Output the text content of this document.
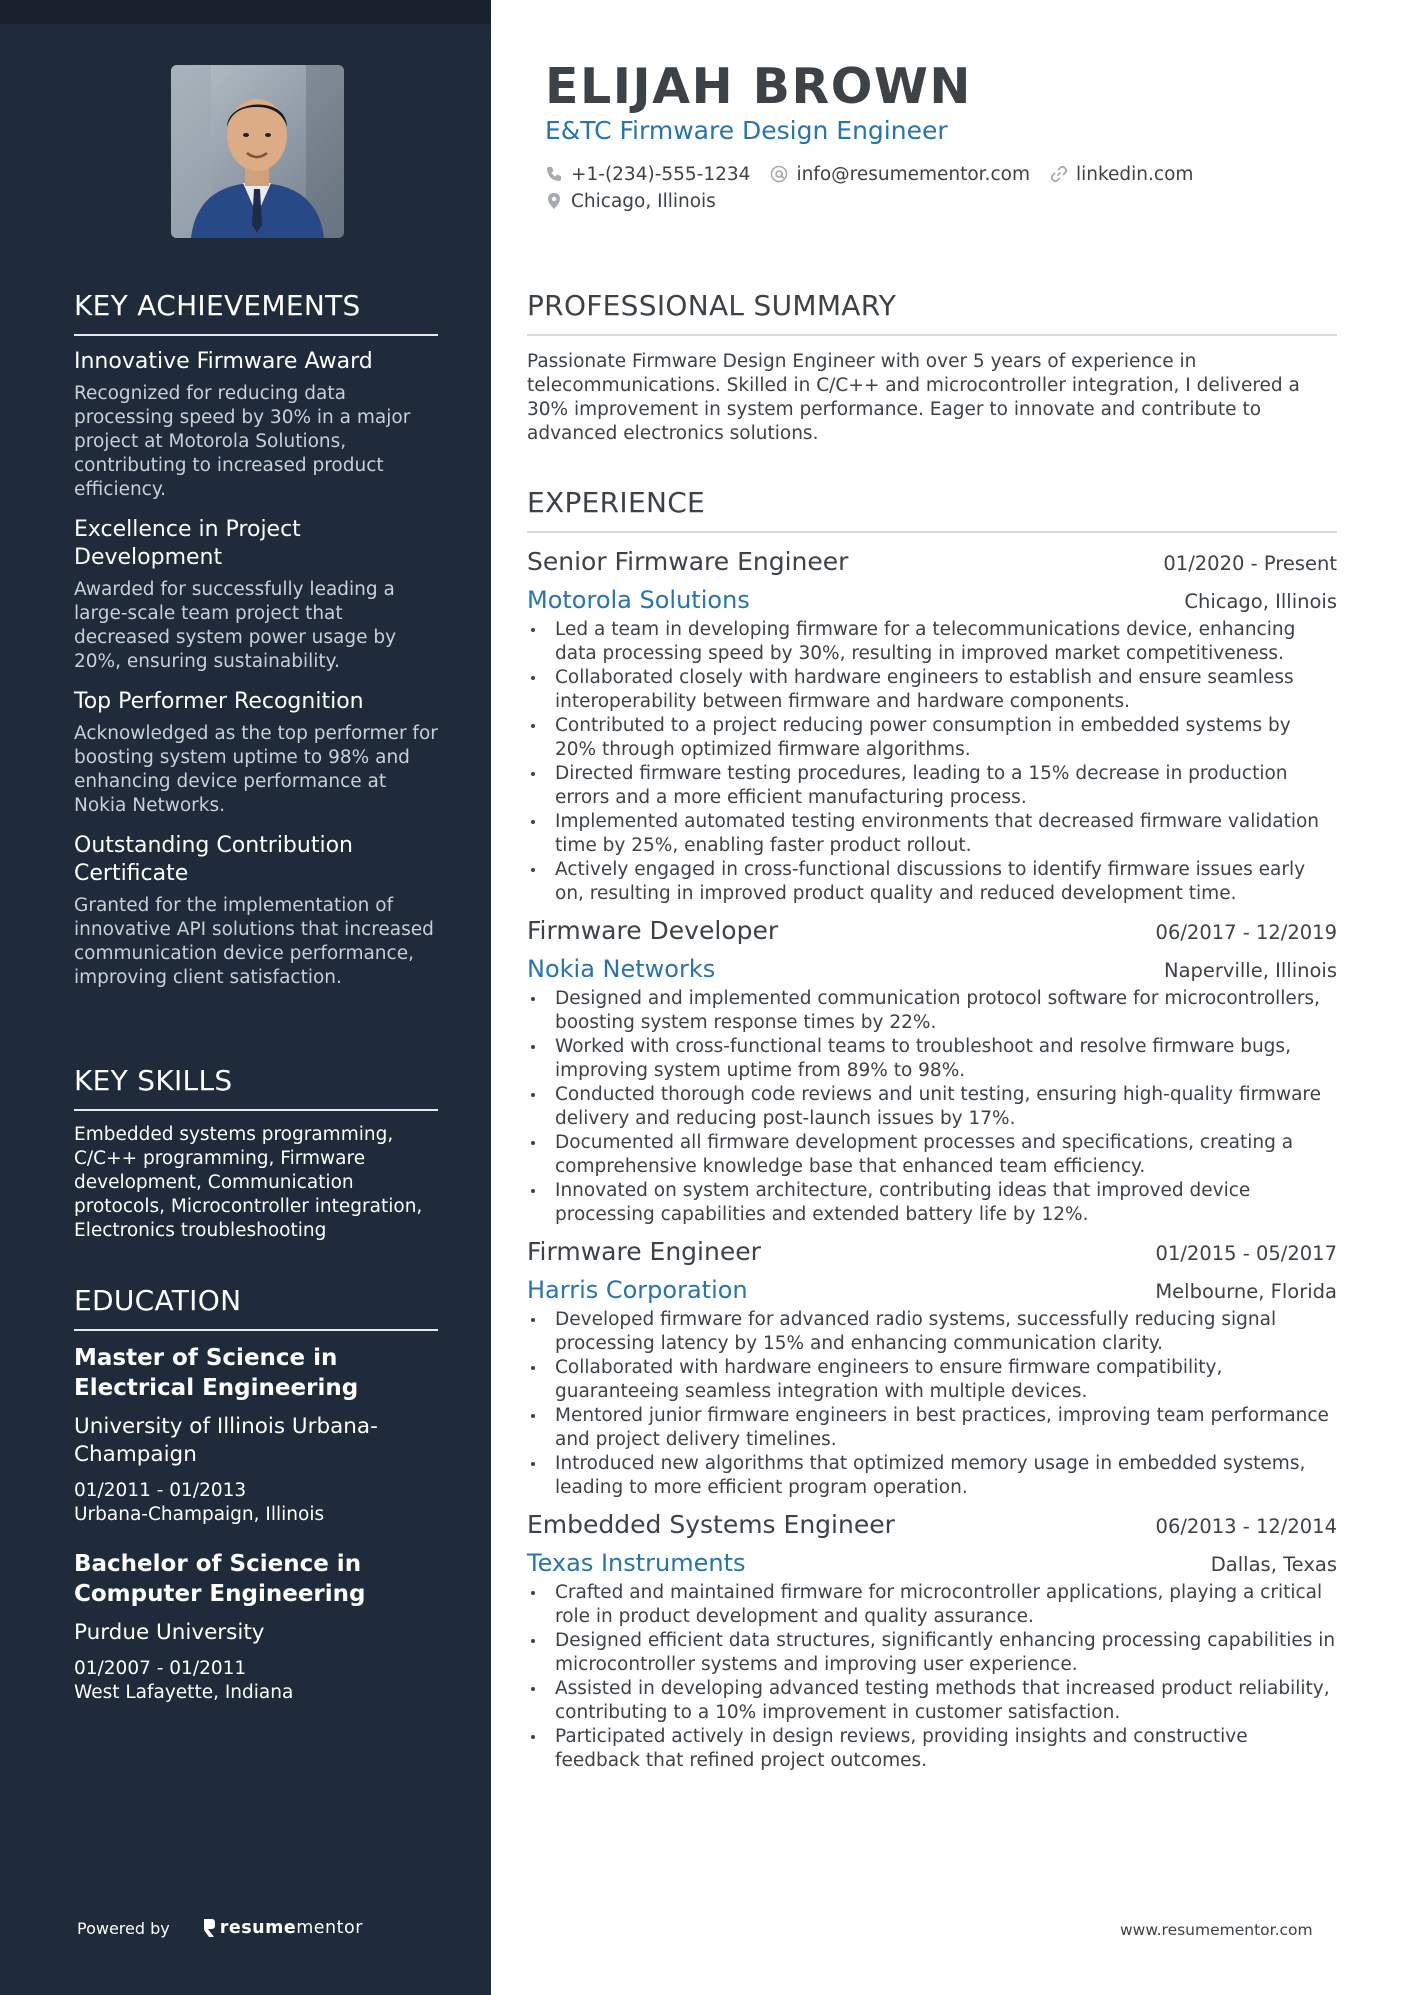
KEY ACHIEVEMENTS
Innovative Firmware Award
Recognized for reducing data processing speed by 30% in a major project at Motorola Solutions, contributing to increased product efficiency.
Excellence in Project Development
Awarded for successfully leading a large-scale team project that decreased system power usage by 20%, ensuring sustainability.
Top Performer Recognition
Acknowledged as the top performer for boosting system uptime to 98% and enhancing device performance at Nokia Networks.
Outstanding Contribution Certificate
Granted for the implementation of innovative API solutions that increased communication device performance, improving client satisfaction.
KEY SKILLS
Embedded systems programming, C/C++ programming, Firmware development, Communication protocols, Microcontroller integration, Electronics troubleshooting
EDUCATION
Master of Science in Electrical Engineering
University of Illinois Urbana-Champaign
01/2011 - 01/2013
Urbana-Champaign, Illinois
Bachelor of Science in Computer Engineering
Purdue University
01/2007 - 01/2011
West Lafayette, Indiana
Powered by	resumementor
ELIJAH BROWN
E&TC Firmware Design Engineer
+1-(234)-555-1234 info@resumementor.com linkedin.com
Chicago, Illinois
PROFESSIONAL SUMMARY
Passionate Firmware Design Engineer with over 5 years of experience in telecommunications. Skilled in C/C++ and microcontroller integration, I delivered a 30% improvement in system performance. Eager to innovate and contribute to advanced electronics solutions.
EXPERIENCE
Senior Firmware Engineer	01/2020 - Present
Motorola Solutions	Chicago, Illinois
Led a team in developing firmware for a telecommunications device, enhancing data processing speed by 30%, resulting in improved market competitiveness.
Collaborated closely with hardware engineers to establish and ensure seamless interoperability between firmware and hardware components.
Contributed to a project reducing power consumption in embedded systems by 20% through optimized firmware algorithms.
Directed firmware testing procedures, leading to a 15% decrease in production errors and a more efficient manufacturing process.
Implemented automated testing environments that decreased firmware validation time by 25%, enabling faster product rollout.
Actively engaged in cross-functional discussions to identify firmware issues early on, resulting in improved product quality and reduced development time.
Firmware Developer	06/2017 - 12/2019
Nokia Networks	Naperville, Illinois
Designed and implemented communication protocol software for microcontrollers, boosting system response times by 22%.
Worked with cross-functional teams to troubleshoot and resolve firmware bugs, improving system uptime from 89% to 98%.
Conducted thorough code reviews and unit testing, ensuring high-quality firmware delivery and reducing post-launch issues by 17%.
Documented all firmware development processes and specifications, creating a comprehensive knowledge base that enhanced team efficiency.
Innovated on system architecture, contributing ideas that improved device processing capabilities and extended battery life by 12%.
Firmware Engineer	01/2015 - 05/2017
Harris Corporation	Melbourne, Florida
Developed firmware for advanced radio systems, successfully reducing signal processing latency by 15% and enhancing communication clarity.
Collaborated with hardware engineers to ensure firmware compatibility, guaranteeing seamless integration with multiple devices.
Mentored junior firmware engineers in best practices, improving team performance and project delivery timelines.
Introduced new algorithms that optimized memory usage in embedded systems, leading to more efficient program operation.
Embedded Systems Engineer	06/2013 - 12/2014
Texas Instruments	Dallas, Texas
Crafted and maintained firmware for microcontroller applications, playing a critical role in product development and quality assurance.
Designed efficient data structures, significantly enhancing processing capabilities in microcontroller systems and improving user experience.
Assisted in developing advanced testing methods that increased product reliability, contributing to a 10% improvement in customer satisfaction.
Participated actively in design reviews, providing insights and constructive feedback that refined project outcomes.
www.resumementor.com
